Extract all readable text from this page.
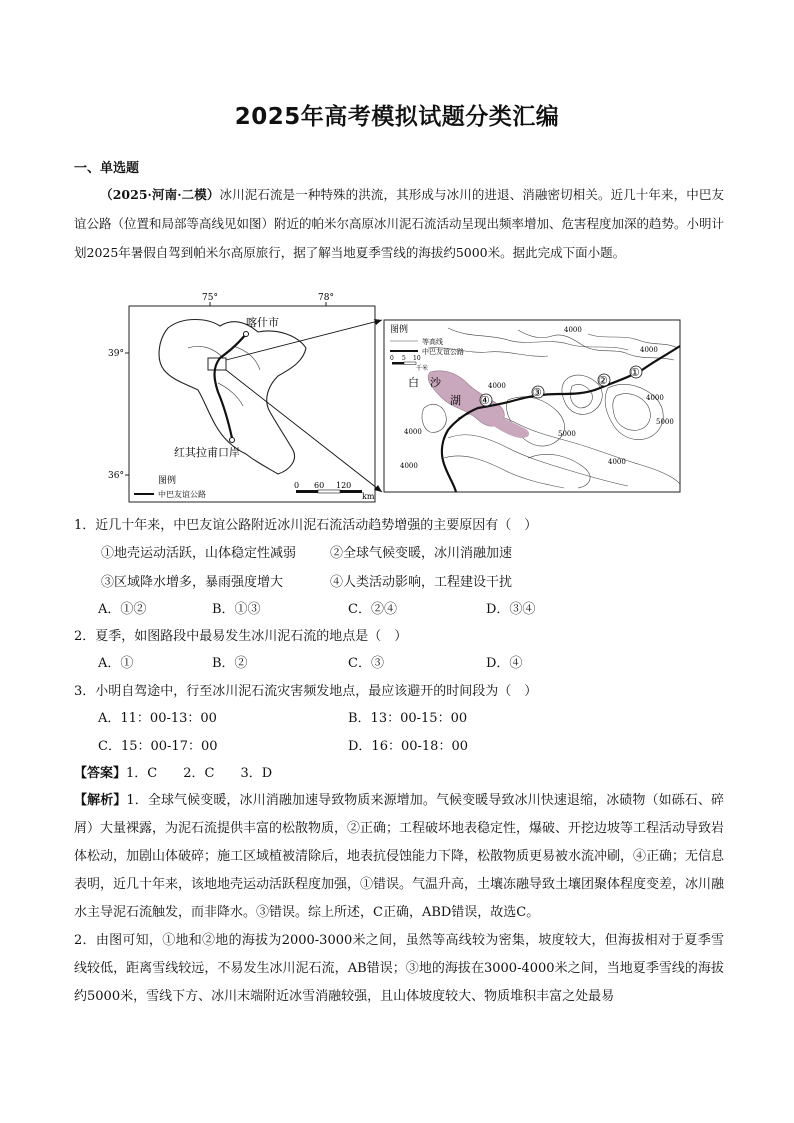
2025年高考模拟试题分类汇编
一、单选题
（2025·河南·二模）冰川泥石流是一种特殊的洪流，其形成与冰川的进退、消融密切相关。近几十年来，中巴友谊公路（位置和局部等高线见如图）附近的帕米尔高原冰川泥石流活动呈现出频率增加、危害程度加深的趋势。小明计划2025年暑假自驾到帕米尔高原旅行，据了解当地夏季雪线的海拔约5000米。据此完成下面小题。
75°	78°
39°
36°
喀什市
红其拉甫口岸
图例
中巴友谊公路
0 60 120
km
白 沙
湖
①
②
③
④
4000
4000
4000
4000
4000
5000
5000
4000
4000
图例
等高线
中巴友谊公路
0 5 10
千米
1．近几十年来，中巴友谊公路附近冰川泥石流活动趋势增强的主要原因有（　）
①地壳运动活跃，山体稳定性减弱	②全球气候变暖，冰川消融加速
③区域降水增多，暴雨强度增大	④人类活动影响，工程建设干扰
A．①②	B．①③	C．②④	D．③④
2．夏季，如图路段中最易发生冰川泥石流的地点是（　）
A．①	B．②	C．③	D．④
3．小明自驾途中，行至冰川泥石流灾害频发地点，最应该避开的时间段为（　）
A．11：00-13：00	B．13：00-15：00
C．15：00-17：00	D．16：00-18：00
【答案】1．C　　2．C　　3．D

【解析】1．全球气候变暖，冰川消融加速导致物质来源增加。气候变暖导致冰川快速退缩，冰碛物（如砾石、碎屑）大量裸露，为泥石流提供丰富的松散物质，②正确；工程破坏地表稳定性，爆破、开挖边坡等工程活动导致岩体松动，加剧山体破碎；施工区域植被清除后，地表抗侵蚀能力下降，松散物质更易被水流冲刷，④正确；无信息表明，近几十年来，该地地壳运动活跃程度加强，①错误。气温升高，土壤冻融导致土壤团聚体程度变差，冰川融水主导泥石流触发，而非降水。③错误。综上所述，C正确，ABD错误，故选C。

2．由图可知，①地和②地的海拔为2000-3000米之间，虽然等高线较为密集，坡度较大，但海拔相对于夏季雪线较低，距离雪线较远，不易发生冰川泥石流，AB错误；③地的海拔在3000-4000米之间，当地夏季雪线的海拔约5000米，雪线下方、冰川末端附近冰雪消融较强，且山体坡度较大、物质堆积丰富之处最易
